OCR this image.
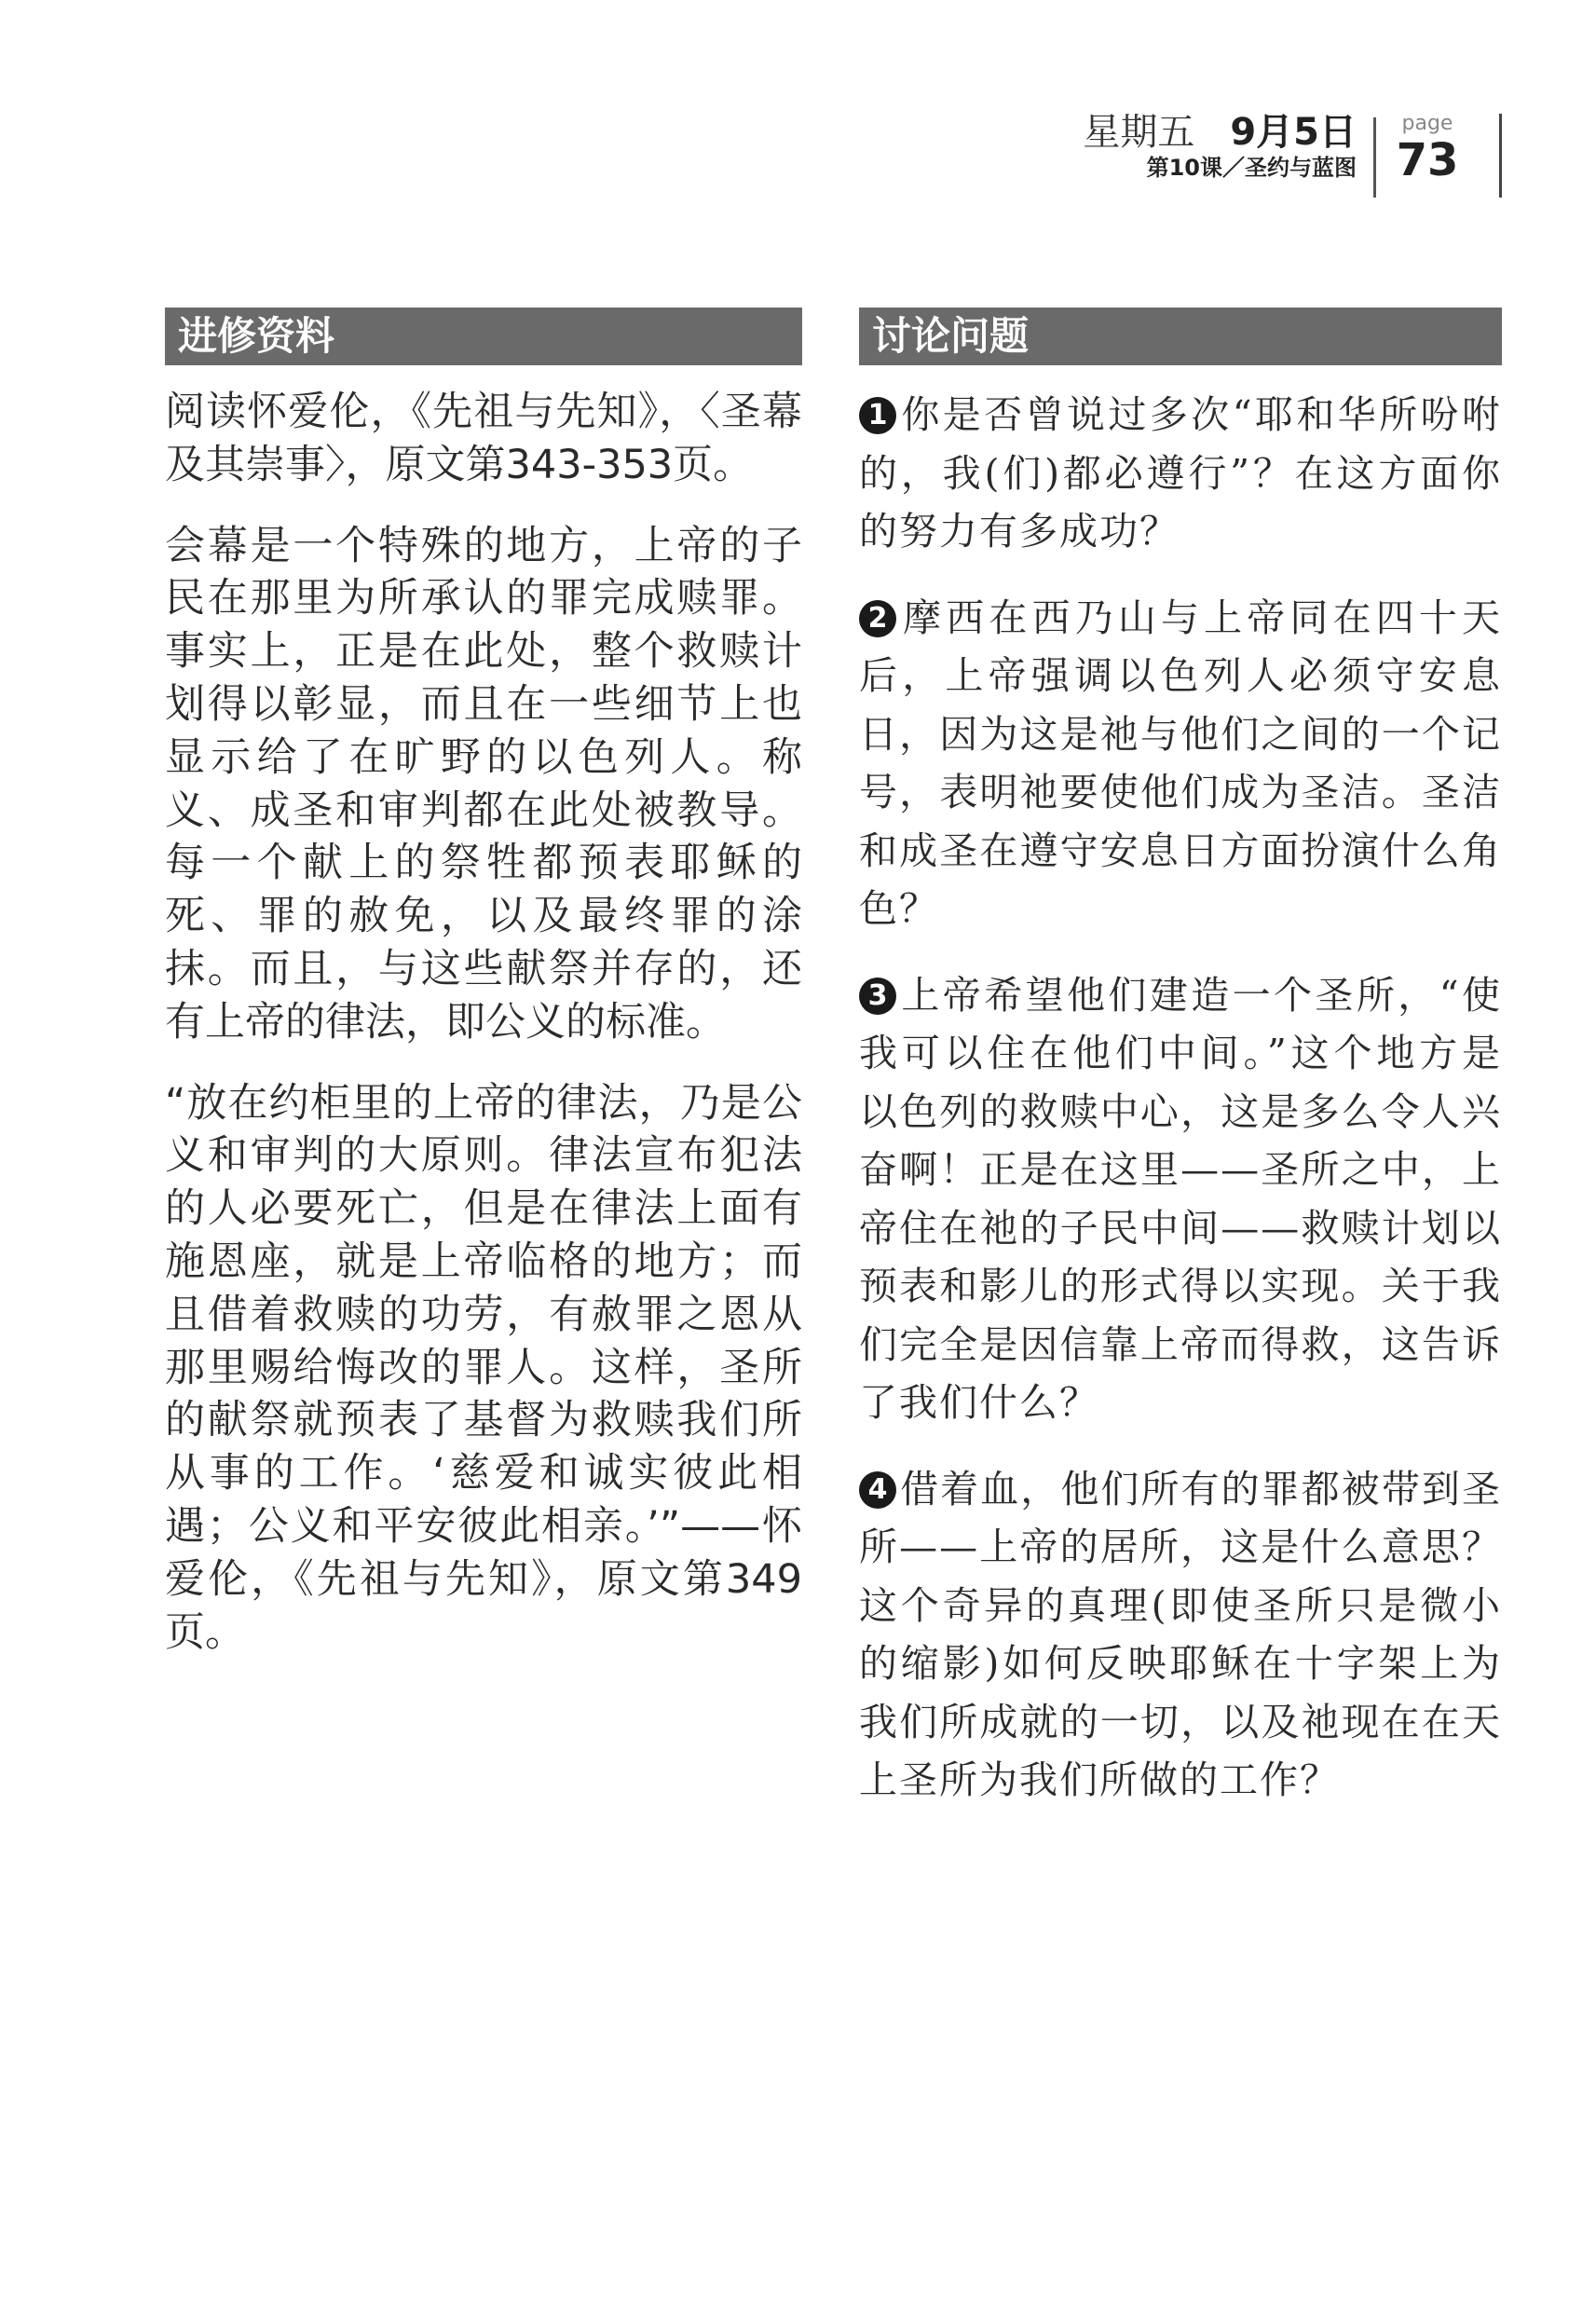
星期五 9月5日
第10课／圣约与蓝图
page
73
进修资料

阅读怀爱伦，《先祖与先知》，〈圣幕及其崇事〉，原文第343-353页。

会幕是一个特殊的地方，上帝的子民在那里为所承认的罪完成赎罪。事实上，正是在此处，整个救赎计划得以彰显，而且在一些细节上也显示给了在旷野的以色列人。称义、成圣和审判都在此处被教导。每一个献上的祭牲都预表耶稣的死、罪的赦免，以及最终罪的涂抹。而且，与这些献祭并存的，还有上帝的律法，即公义的标准。

“放在约柜里的上帝的律法，乃是公义和审判的大原则。律法宣布犯法的人必要死亡，但是在律法上面有施恩座，就是上帝临格的地方；而且借着救赎的功劳，有赦罪之恩从那里赐给悔改的罪人。这样，圣所的献祭就预表了基督为救赎我们所从事的工作。‘慈爱和诚实彼此相遇；公义和平安彼此相亲。’”——怀爱伦，《先祖与先知》，原文第349页。

讨论问题

1 你是否曾说过多次“耶和华所吩咐的，我(们)都必遵行”？在这方面你的努力有多成功？

2 摩西在西乃山与上帝同在四十天后，上帝强调以色列人必须守安息日，因为这是祂与他们之间的一个记号，表明祂要使他们成为圣洁。圣洁和成圣在遵守安息日方面扮演什么角色？

3 上帝希望他们建造一个圣所，“使我可以住在他们中间。”这个地方是以色列的救赎中心，这是多么令人兴奋啊！正是在这里——圣所之中，上帝住在祂的子民中间——救赎计划以预表和影儿的形式得以实现。关于我们完全是因信靠上帝而得救，这告诉了我们什么？

4 借着血，他们所有的罪都被带到圣所——上帝的居所，这是什么意思？这个奇异的真理(即使圣所只是微小的缩影)如何反映耶稣在十字架上为我们所成就的一切，以及祂现在在天上圣所为我们所做的工作？
